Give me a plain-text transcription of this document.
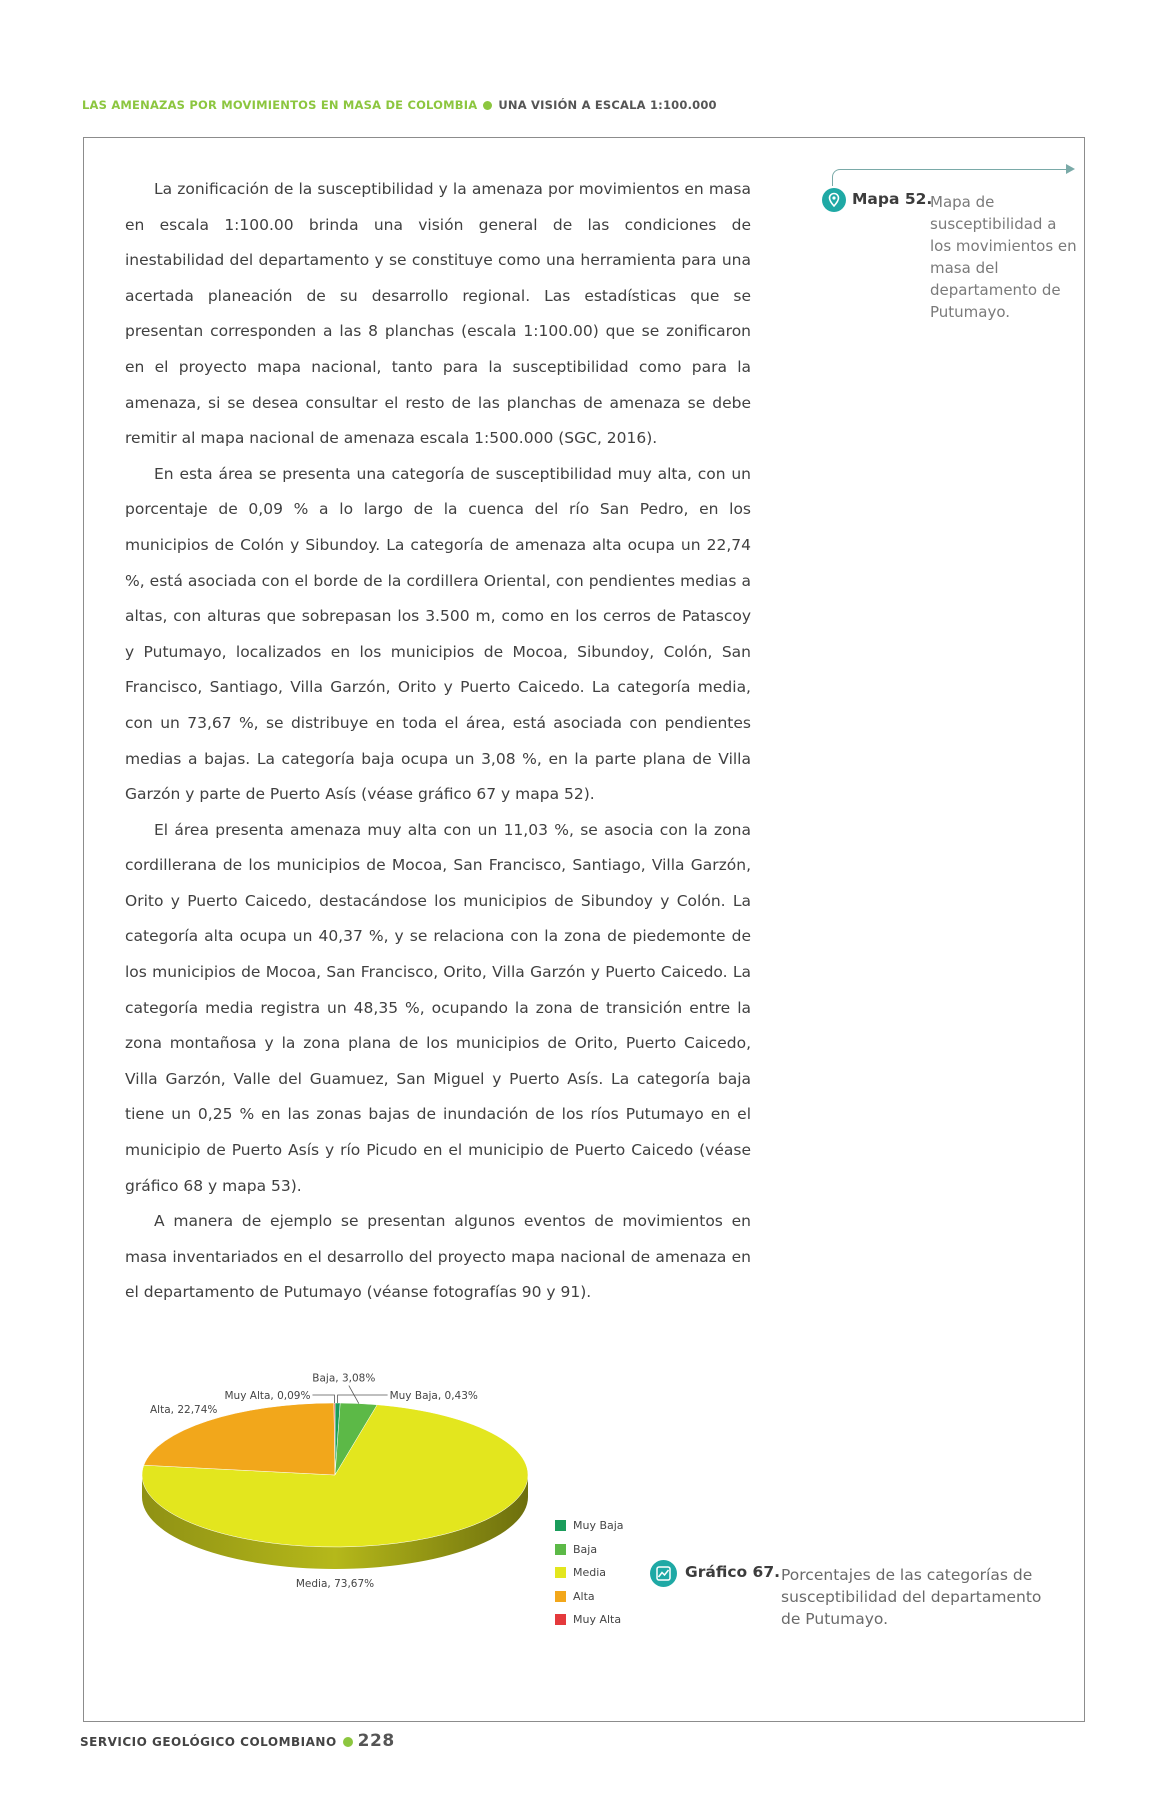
LAS AMENAZAS POR MOVIMIENTOS EN MASA DE COLOMBIA UNA VISIÓN A ESCALA 1:100.000

La zonificación de la susceptibilidad y la amenaza por movimientos en masa en escala 1:100.00 brinda una visión general de las condiciones de inestabilidad del departamento y se constituye como una herramienta para una acertada planeación de su desarrollo regional. Las estadísticas que se presentan corresponden a las 8 planchas (escala 1:100.00) que se zonificaron en el proyecto mapa nacional, tanto para la susceptibilidad como para la amenaza, si se desea consultar el resto de las planchas de amenaza se debe remitir al mapa nacional de amenaza escala 1:500.000 (SGC, 2016).

En esta área se presenta una categoría de susceptibilidad muy alta, con un porcentaje de 0,09 % a lo largo de la cuenca del río San Pedro, en los municipios de Colón y Sibundoy. La categoría de amenaza alta ocupa un 22,74 %, está asociada con el borde de la cordillera Oriental, con pendientes medias a altas, con alturas que sobrepasan los 3.500 m, como en los cerros de Patascoy y Putumayo, localizados en los municipios de Mocoa, Sibundoy, Colón, San Francisco, Santiago, Villa Garzón, Orito y Puerto Caicedo. La categoría media, con un 73,67 %, se distribuye en toda el área, está asociada con pendientes medias a bajas. La categoría baja ocupa un 3,08 %, en la parte plana de Villa Garzón y parte de Puerto Asís (véase gráfico 67 y mapa 52).

El área presenta amenaza muy alta con un 11,03 %, se asocia con la zona cordillerana de los municipios de Mocoa, San Francisco, Santiago, Villa Garzón, Orito y Puerto Caicedo, destacándose los municipios de Sibundoy y Colón. La categoría alta ocupa un 40,37 %, y se relaciona con la zona de piedemonte de los municipios de Mocoa, San Francisco, Orito, Villa Garzón y Puerto Caicedo. La categoría media registra un 48,35 %, ocupando la zona de transición entre la zona montañosa y la zona plana de los municipios de Orito, Puerto Caicedo, Villa Garzón, Valle del Guamuez, San Miguel y Puerto Asís. La categoría baja tiene un 0,25 % en las zonas bajas de inundación de los ríos Putumayo en el municipio de Puerto Asís y río Picudo en el municipio de Puerto Caicedo (véase gráfico 68 y mapa 53).

A manera de ejemplo se presentan algunos eventos de movimientos en masa inventariados en el desarrollo del proyecto mapa nacional de amenaza en el departamento de Putumayo (véanse fotografías 90 y 91).

Mapa 52.
Mapa de susceptibilidad a los movimientos en masa del departamento de Putumayo.
Muy Baja, 0,43%
Baja, 3,08%
Muy Alta, 0,09%
Alta, 22,74%
Media, 73,67%
Muy Baja
Baja
Media
Alta
Muy Alta
Gráfico 67. Porcentajes de las categorías de susceptibilidad del departamento de Putumayo.
SERVICIO GEOLÓGICO COLOMBIANO 228
